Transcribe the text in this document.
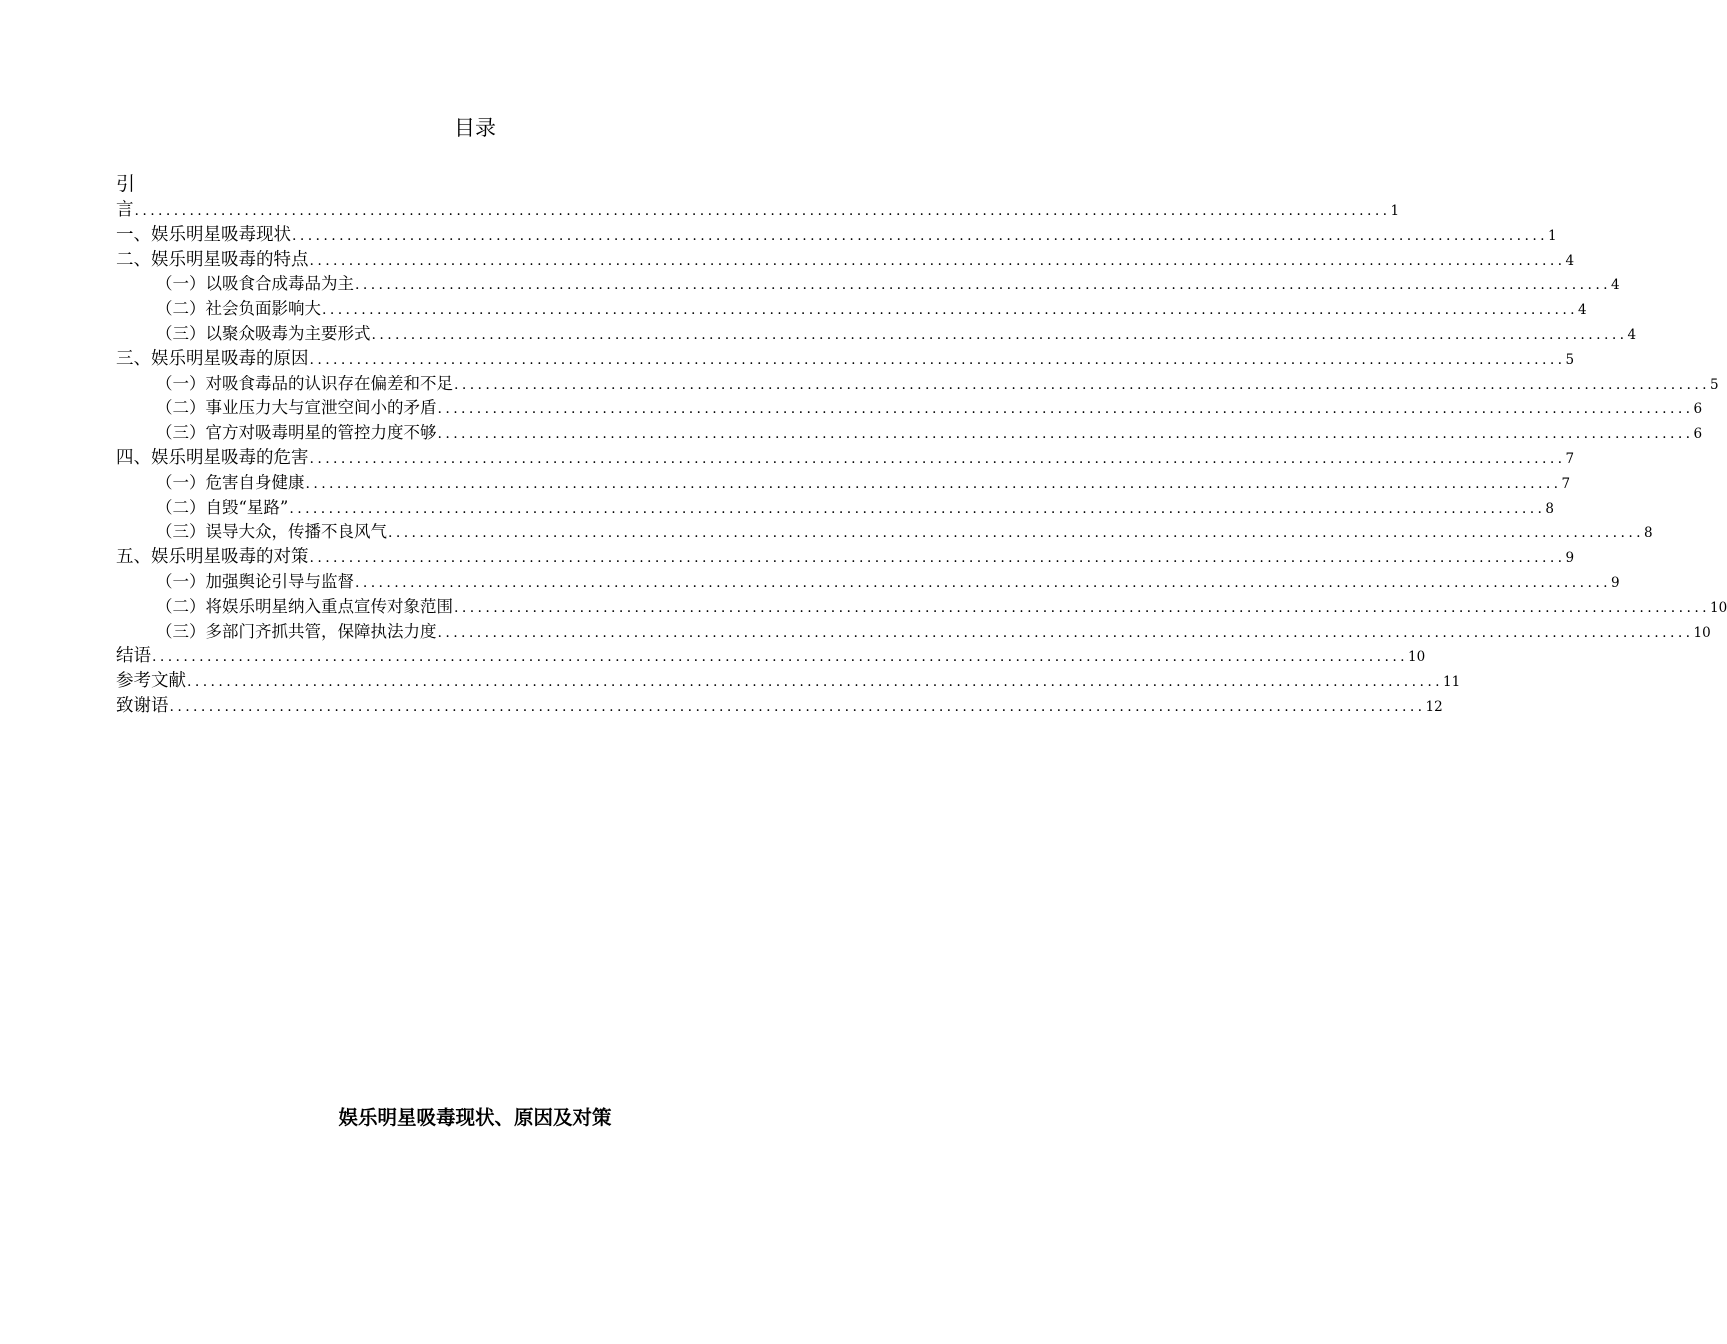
目录
引
言 ................................................................................................................................................................ 1
一、娱乐明星吸毒现状 ................................................................................................................................................................ 1
二、娱乐明星吸毒的特点 ................................................................................................................................................................ 4
（一）以吸食合成毒品为主 ................................................................................................................................................................ 4
（二）社会负面影响大 ................................................................................................................................................................ 4
（三）以聚众吸毒为主要形式 ................................................................................................................................................................ 4
三、娱乐明星吸毒的原因 ................................................................................................................................................................ 5
（一）对吸食毒品的认识存在偏差和不足 ................................................................................................................................................................ 5
（二）事业压力大与宣泄空间小的矛盾 ................................................................................................................................................................ 6
（三）官方对吸毒明星的管控力度不够 ................................................................................................................................................................ 6
四、娱乐明星吸毒的危害 ................................................................................................................................................................ 7
（一）危害自身健康 ................................................................................................................................................................ 7
（二）自毁“星路” ................................................................................................................................................................ 8
（三）误导大众，传播不良风气 ................................................................................................................................................................ 8
五、娱乐明星吸毒的对策 ................................................................................................................................................................ 9
（一）加强舆论引导与监督 ................................................................................................................................................................ 9
（二）将娱乐明星纳入重点宣传对象范围 ................................................................................................................................................................ 10
（三）多部门齐抓共管，保障执法力度 ................................................................................................................................................................ 10
结语 ................................................................................................................................................................ 10
参考文献 ................................................................................................................................................................ 11
致谢语 ................................................................................................................................................................ 12
娱乐明星吸毒现状、原因及对策
